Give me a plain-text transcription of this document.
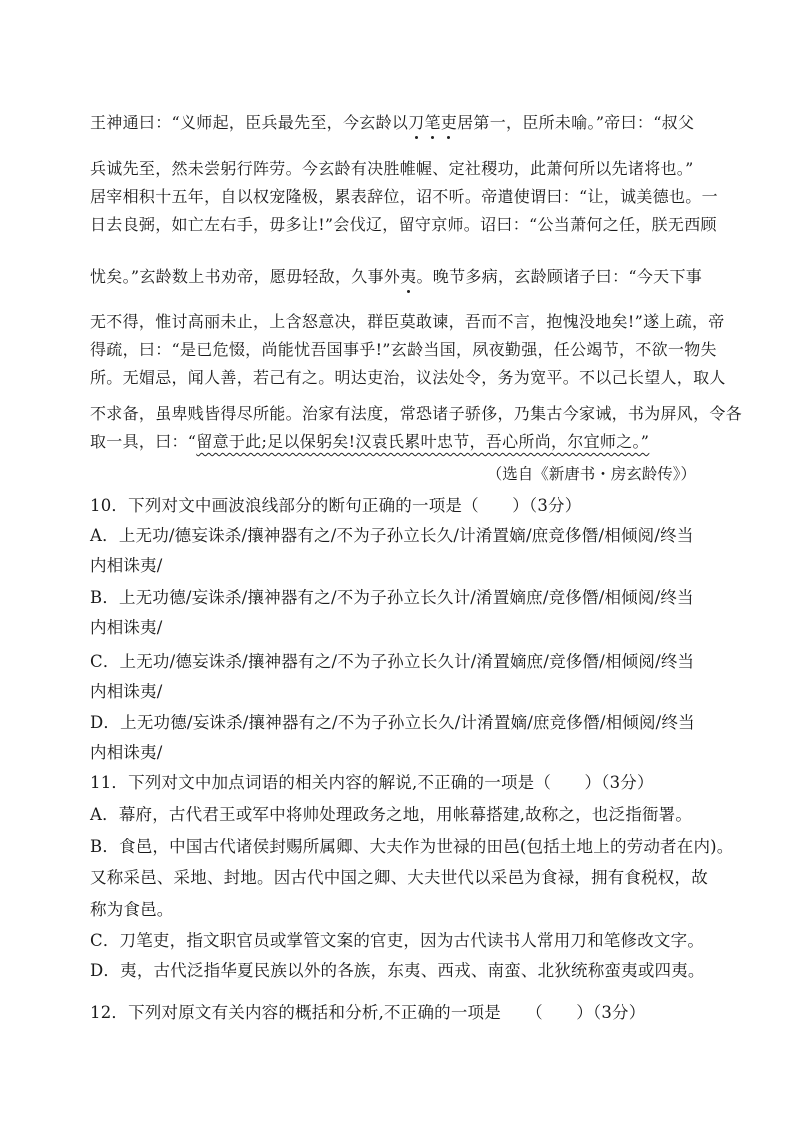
王神通曰：“义师起，臣兵最先至，今玄龄以刀笔吏居第一，臣所未喻。”帝曰：“叔父
兵诚先至，然未尝躬行阵劳。今玄龄有决胜帷幄、定社稷功，此萧何所以先诸将也。”
居宰相积十五年，自以权宠隆极，累表辞位，诏不听。帝遣使谓曰：“让，诚美德也。一
日去良弼，如亡左右手，毋多让!”会伐辽，留守京师。诏曰：“公当萧何之任，朕无西顾
忧矣。”玄龄数上书劝帝，愿毋轻敌，久事外夷。晚节多病，玄龄顾诸子曰：“今天下事
无不得，惟讨高丽未止，上含怒意决，群臣莫敢谏，吾而不言，抱愧没地矣!”遂上疏，帝
得疏，曰：“是已危惙，尚能忧吾国事乎!”玄龄当国，夙夜勤强，任公竭节，不欲一物失
所。无媢忌，闻人善，若己有之。明达吏治，议法处令，务为宽平。不以己长望人，取人
不求备，虽卑贱皆得尽所能。治家有法度，常恐诸子骄侈，乃集古今家诫，书为屏风，令各
取一具，曰：“留意于此;足以保躬矣!汉袁氏累叶忠节，吾心所尚，尔宜师之。”
（选自《新唐书・房玄龄传》）
10．下列对文中画波浪线部分的断句正确的一项是（　　）（3分）
A．上无功/德妄诛杀/攘神器有之/不为子孙立长久/计淆置嫡/庶竞侈僭/相倾阅/终当
内相诛夷/
B．上无功德/妄诛杀/攘神器有之/不为子孙立长久计/淆置嫡庶/竞侈僭/相倾阅/终当
内相诛夷/
C．上无功/德妄诛杀/攘神器有之/不为子孙立长久计/淆置嫡庶/竞侈僭/相倾阅/终当
内相诛夷/
D．上无功德/妄诛杀/攘神器有之/不为子孙立长久/计淆置嫡/庶竞侈僭/相倾阅/终当
内相诛夷/
11．下列对文中加点词语的相关内容的解说,不正确的一项是（　　）（3分）
A．幕府，古代君王或军中将帅处理政务之地，用帐幕搭建,故称之，也泛指衙署。
B．食邑，中国古代诸侯封赐所属卿、大夫作为世禄的田邑(包括土地上的劳动者在内)。
又称采邑、采地、封地。因古代中国之卿、大夫世代以采邑为食禄，拥有食税权，故
称为食邑。
C．刀笔吏，指文职官员或掌管文案的官吏，因为古代读书人常用刀和笔修改文字。
D．夷，古代泛指华夏民族以外的各族，东夷、西戎、南蛮、北狄统称蛮夷或四夷。
12．下列对原文有关内容的概括和分析,不正确的一项是　　（　　）（3分）
